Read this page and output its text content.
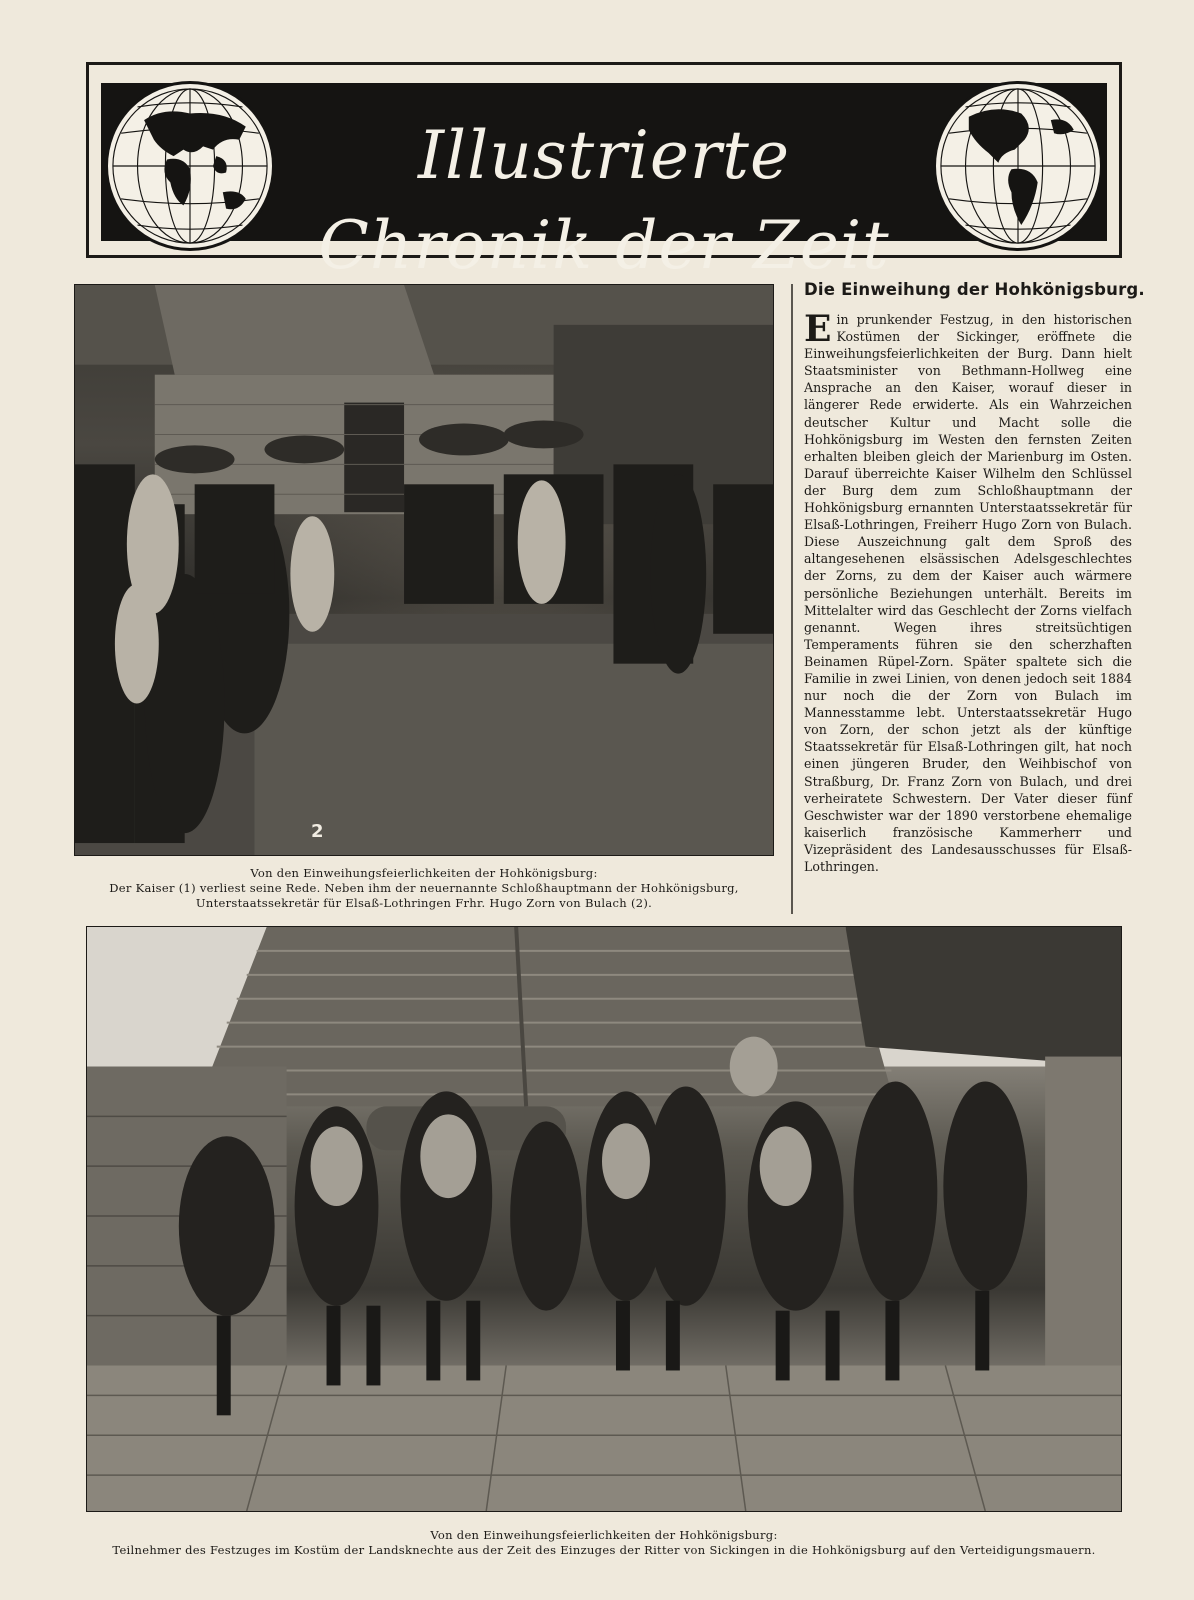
Illustrierte Chronik der Zeit
2
Von den Einweihungsfeierlichkeiten der Hohkönigsburg:
Der Kaiser (1) verliest seine Rede. Neben ihm der neuernannte Schloßhauptmann der Hohkönigsburg,
Unterstaatssekretär für Elsaß-Lothringen Frhr. Hugo Zorn von Bulach (2).
Die Einweihung der Hohkönigsburg.

Ein prunkender Festzug, in den historischen Kostümen der Sickinger, eröffnete die Einweihungsfeierlichkeiten der Burg. Dann hielt Staatsminister von Bethmann-Hollweg eine Ansprache an den Kaiser, worauf dieser in längerer Rede erwiderte. Als ein Wahrzeichen deutscher Kultur und Macht solle die Hohkönigsburg im Westen den fernsten Zeiten erhalten bleiben gleich der Marienburg im Osten. Darauf überreichte Kaiser Wilhelm den Schlüssel der Burg dem zum Schloßhauptmann der Hohkönigsburg ernannten Unterstaatssekretär für Elsaß-Lothringen, Freiherr Hugo Zorn von Bulach. Diese Auszeichnung galt dem Sproß des altangesehenen elsässischen Adelsgeschlechtes der Zorns, zu dem der Kaiser auch wärmere persönliche Beziehungen unterhält. Bereits im Mittelalter wird das Geschlecht der Zorns vielfach genannt. Wegen ihres streitsüchtigen Temperaments führen sie den scherzhaften Beinamen Rüpel-Zorn. Später spaltete sich die Familie in zwei Linien, von denen jedoch seit 1884 nur noch die der Zorn von Bulach im Mannesstamme lebt. Unterstaatssekretär Hugo von Zorn, der schon jetzt als der künftige Staatssekretär für Elsaß-Lothringen gilt, hat noch einen jüngeren Bruder, den Weihbischof von Straßburg, Dr. Franz Zorn von Bulach, und drei verheiratete Schwestern. Der Vater dieser fünf Geschwister war der 1890 verstorbene ehemalige kaiserlich französische Kammerherr und Vizepräsident des Landesausschusses für Elsaß-Lothringen.

Von den Einweihungsfeierlichkeiten der Hohkönigsburg:
Teilnehmer des Festzuges im Kostüm der Landsknechte aus der Zeit des Einzuges der Ritter von Sickingen in die Hohkönigsburg auf den Verteidigungsmauern.
